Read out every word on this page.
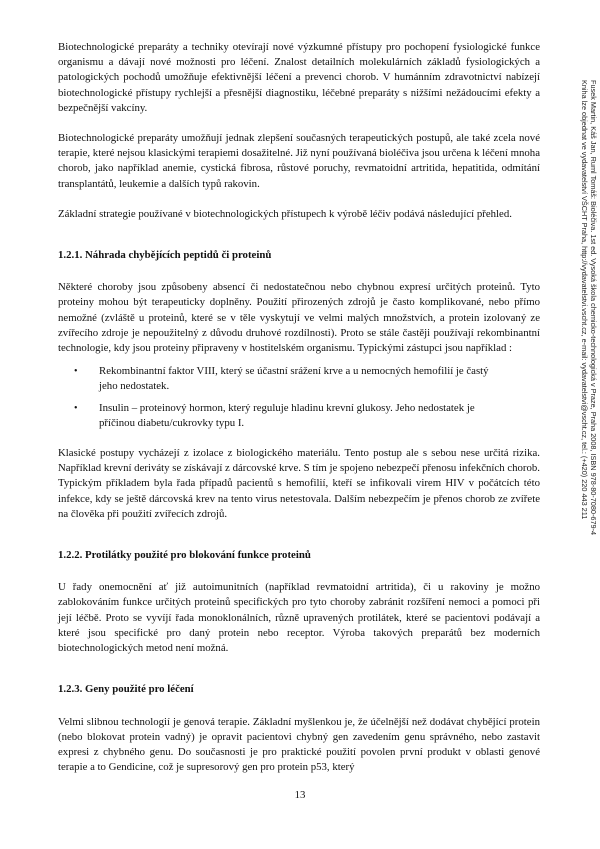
Biotechnologické preparáty a techniky otevírají nové výzkumné přístupy pro pochopení fysiologické funkce organismu a dávají nové možnosti pro léčení. Znalost detailních molekulárních základů fysiologických a patologických pochodů umožňuje efektivnější léčení a prevenci chorob. V humánním zdravotnictví nabízejí biotechnologické přístupy rychlejší a přesnější diagnostiku, léčebné preparáty s nižšími nežádoucími efekty a bezpečnější vakcíny.

Biotechnologické preparáty umožňují jednak zlepšení současných terapeutických postupů, ale také zcela nové terapie, které nejsou klasickými terapiemi dosažitelné. Již nyní používaná bioléčiva jsou určena k léčení mnoha chorob, jako například anemie, cystická fibrosa, růstové poruchy, revmatoidní artritida, hepatitida, odmítání transplantátů, leukemie a dalších typů rakovin.

Základní strategie používané v biotechnologických přístupech k výrobě léčiv podává následující přehled.

1.2.1. Náhrada chybějících peptidů či proteinů

Některé choroby jsou způsobeny absencí či nedostatečnou nebo chybnou expresí určitých proteinů. Tyto proteiny mohou být terapeuticky doplněny. Použití přirozených zdrojů je často komplikované, nebo přímo nemožné (zvláště u proteinů, které se v těle vyskytují ve velmi malých množstvích, a protein izolovaný ze zvířecího zdroje je nepoužitelný z důvodu druhové rozdílnosti). Proto se stále častěji používají rekombinantní technologie, kdy jsou proteiny připraveny v hostitelském organismu. Typickými zástupci jsou například :

• Rekombinantní faktor VIII, který se účastní srážení krve a u nemocných hemofilií je častý jeho nedostatek.
• Insulin – proteinový hormon, který reguluje hladinu krevní glukosy. Jeho nedostatek je příčinou diabetu/cukrovky typu I.

Klasické postupy vycházejí z izolace z biologického materiálu. Tento postup ale s sebou nese určitá rizika. Například krevní deriváty se získávají z dárcovské krve. S tím je spojeno nebezpečí přenosu infekčních chorob. Typickým příkladem byla řada případů pacientů s hemofilií, kteří se infikovali virem HIV v počátcích této infekce, kdy se ještě dárcovská krev na tento virus netestovala. Dalším nebezpečím je přenos chorob ze zvířete na člověka při použití zvířecích zdrojů.

1.2.2. Protilátky použité pro blokování funkce proteinů

U řady onemocnění ať již autoimunitních (například revmatoidní artritida), či u rakoviny je možno zablokováním funkce určitých proteinů specifických pro tyto choroby zabránit rozšíření nemoci a pomoci při její léčbě. Proto se vyvíjí řada monoklonálních, různě upravených protilátek, které se pacientovi podávají a které jsou specifické pro daný protein nebo receptor. Výroba takových preparátů bez moderních biotechnologických metod není možná.

1.2.3. Geny použité pro léčení

Velmi slibnou technologií je genová terapie. Základní myšlenkou je, že účelnější než dodávat chybějící protein (nebo blokovat protein vadný) je opravit pacientovi chybný gen zavedením genu správného, nebo zastavit expresi z chybného genu. Do současnosti je pro praktické použití povolen první produkt v oblasti genové terapie a to Gendicine, což je supresorový gen pro protein p53, který

13
Fusek Martin, Káš Jan, Ruml Tomáš: Bioléčiva. 1st ed. Vysoká škola chemicko-technologická v Praze, Praha 2008, ISBN 978-80-7080-679-4
Kniha lze objednat ve vydavatelství VŠCHT Praha, http://vydavatelstvi.vscht.cz, e-mail: vydavatelstvi@vscht.cz, tel.: (+420) 220 443 211
